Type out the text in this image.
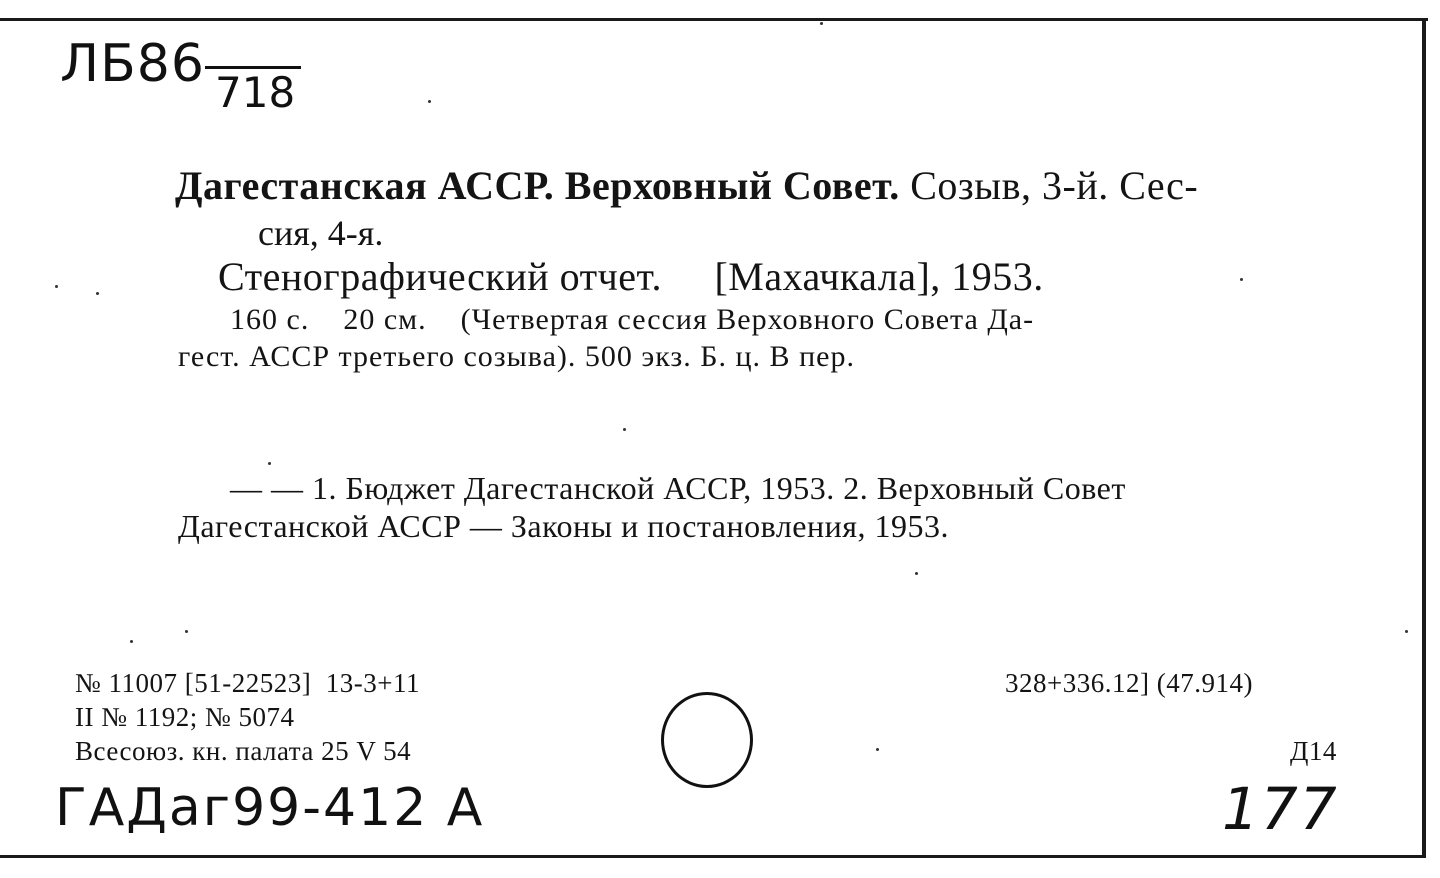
ЛБ86 718
Дагестанская АССР. Верховный Совет. Созыв, 3-й. Сес-
сия, 4-я.
Стенографический отчет.     [Махачкала], 1953.
160 с.    20 см.    (Четвертая сессия Верховного Совета Да-
гест. АССР третьего созыва). 500 экз. Б. ц. В пер.
— — 1. Бюджет Дагестанской АССР, 1953. 2. Верховный Совет
Дагестанской АССР — Законы и постановления, 1953.
№ 11007 [51-22523]  13-3+11
II № 1192; № 5074
Всесоюз. кн. палата 25 V 54
328+336.12] (47.914)
Д14
ГАДаг99-412 А	177
